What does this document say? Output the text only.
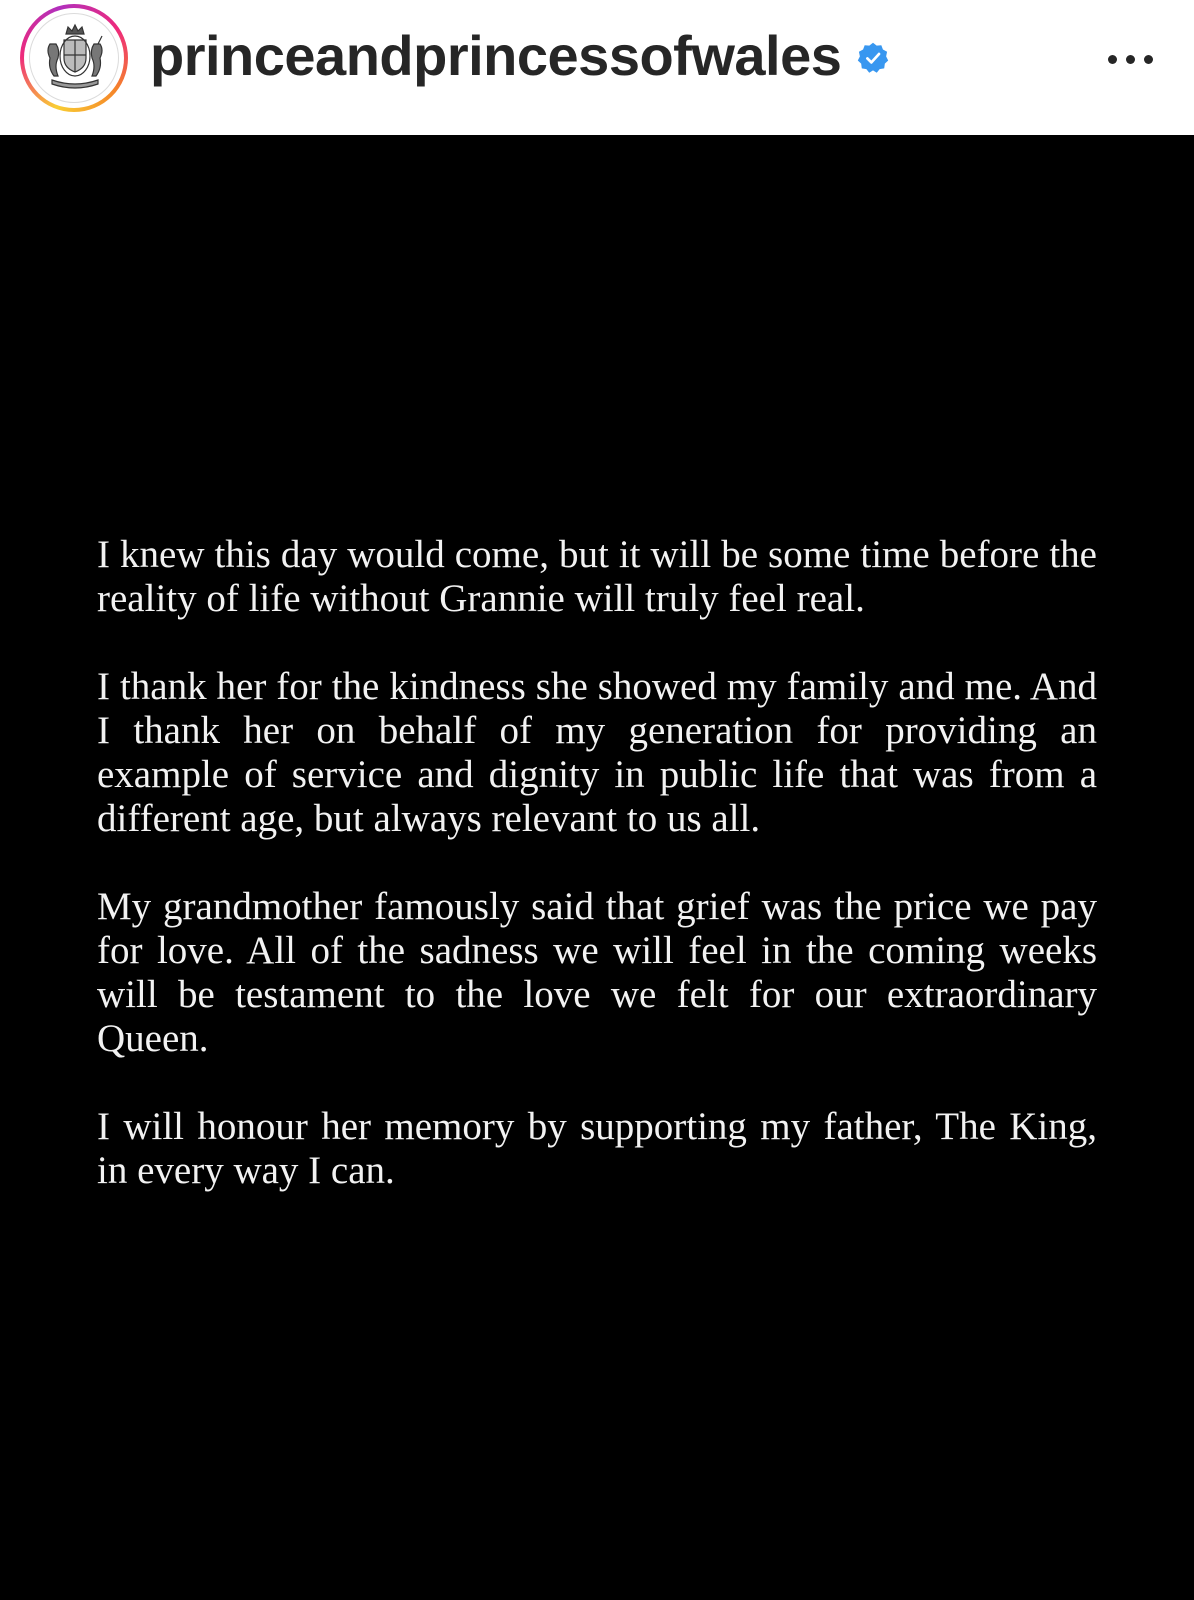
princeandprincessofwales

I knew this day would come, but it will be some time before the reality of life without Grannie will truly feel real.

I thank her for the kindness she showed my family and me. And I thank her on behalf of my generation for providing an example of service and dignity in public life that was from a different age, but always relevant to us all.

My grandmother famously said that grief was the price we pay for love. All of the sadness we will feel in the coming weeks will be testament to the love we felt for our extraordinary Queen.

I will honour her memory by supporting my father, The King, in every way I can.
